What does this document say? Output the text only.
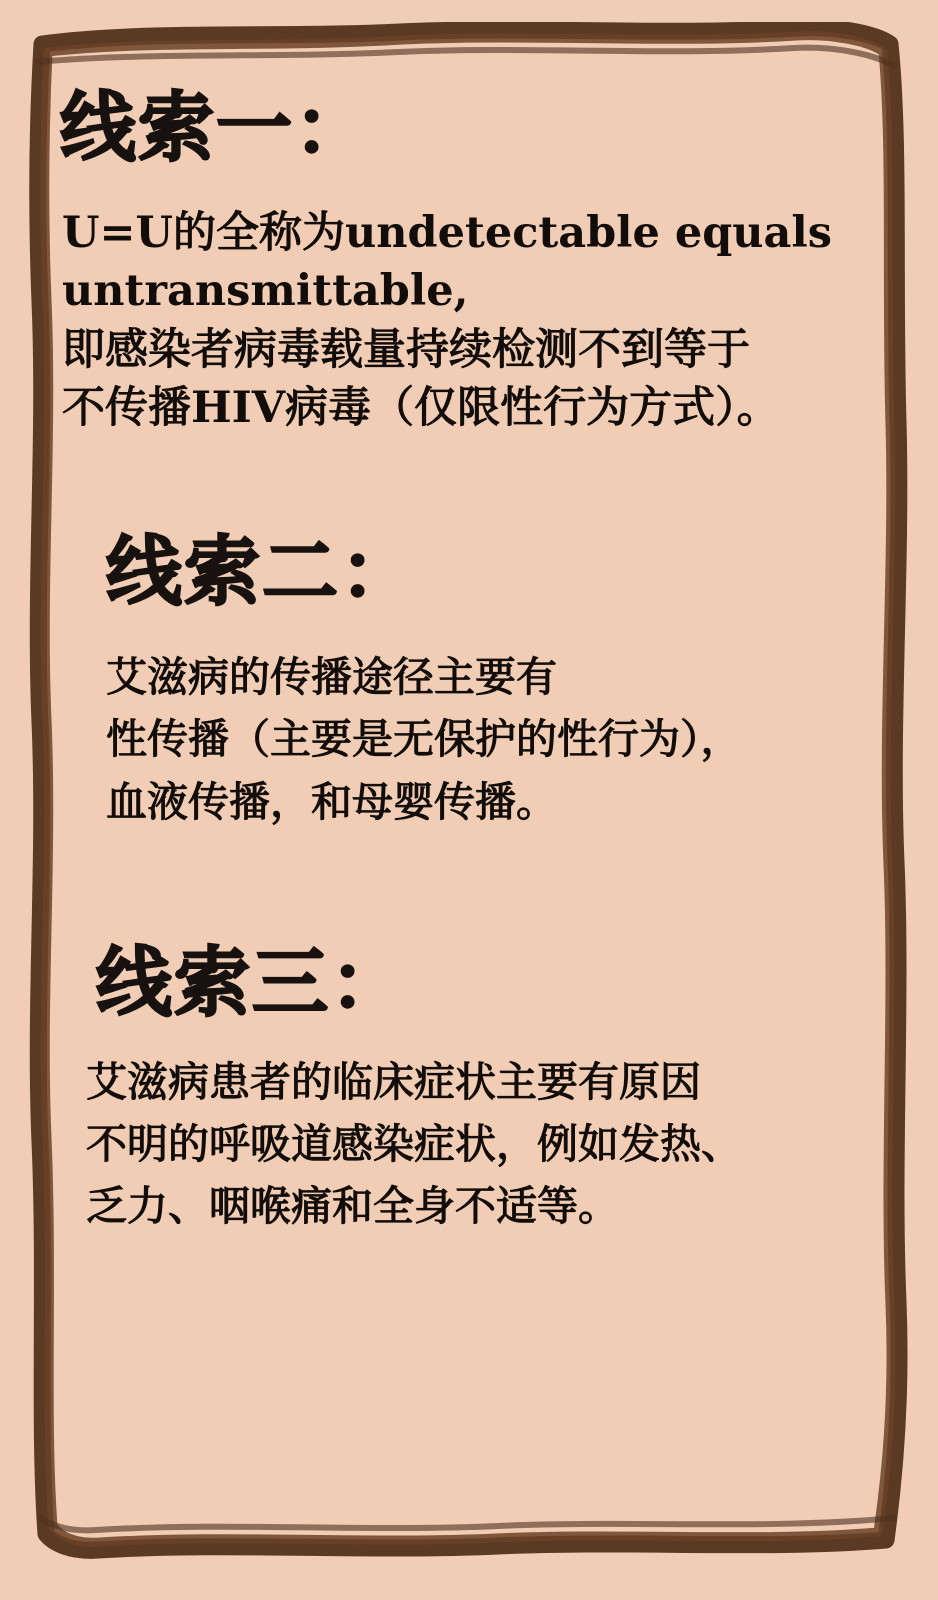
线索一：
U=U的全称为undetectable equals
untransmittable,
即感染者病毒载量持续检测不到等于
不传播HIV病毒（仅限性行为方式）。
线索二：
艾滋病的传播途径主要有
性传播（主要是无保护的性行为），
血液传播，和母婴传播。
线索三：
艾滋病患者的临床症状主要有原因
不明的呼吸道感染症状，例如发热、
乏力、咽喉痛和全身不适等。
